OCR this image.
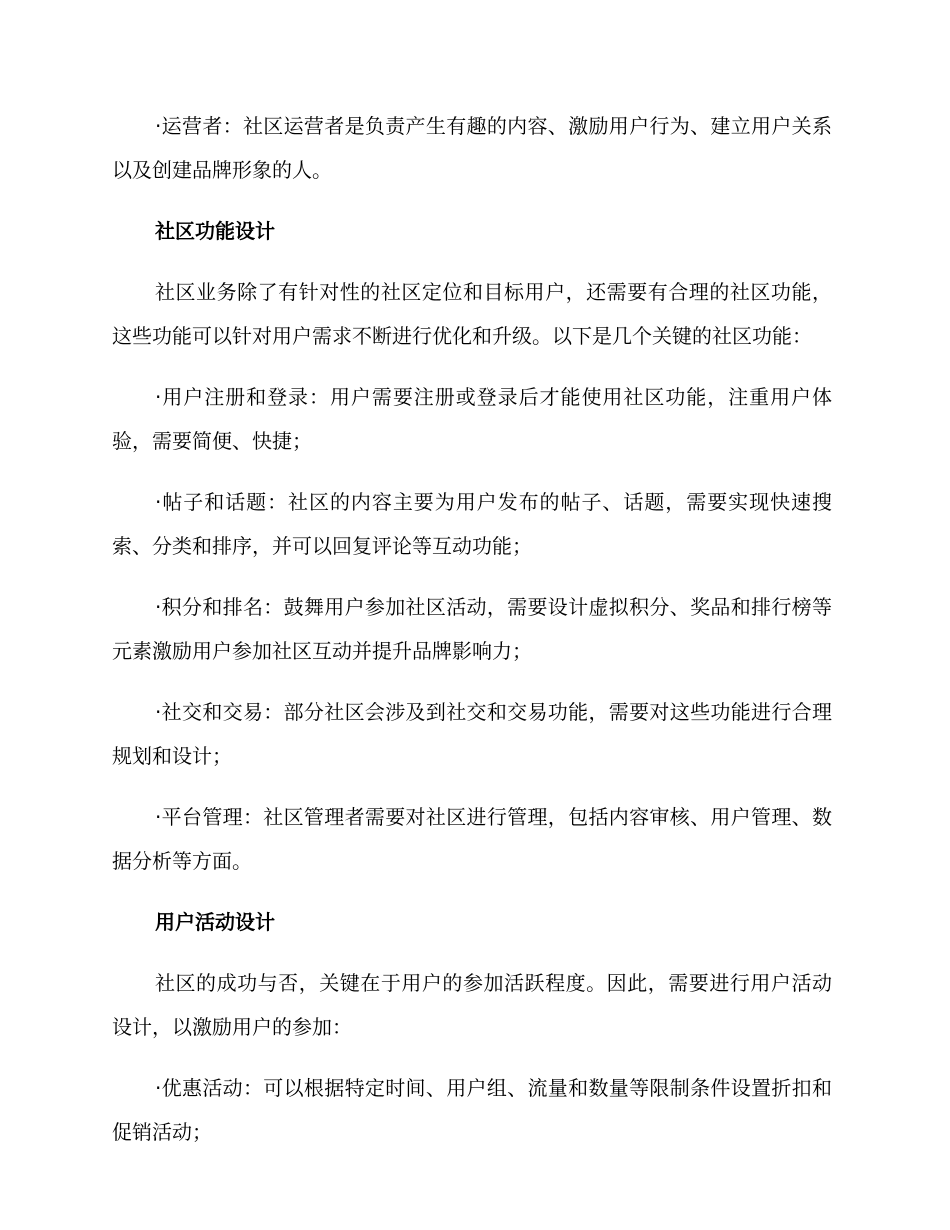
·运营者：社区运营者是负责产生有趣的内容、激励用户行为、建立用户关系以及创建品牌形象的人。

社区功能设计

社区业务除了有针对性的社区定位和目标用户，还需要有合理的社区功能，这些功能可以针对用户需求不断进行优化和升级。以下是几个关键的社区功能：

·用户注册和登录：用户需要注册或登录后才能使用社区功能，注重用户体验，需要简便、快捷；

·帖子和话题：社区的内容主要为用户发布的帖子、话题，需要实现快速搜索、分类和排序，并可以回复评论等互动功能；

·积分和排名：鼓舞用户参加社区活动，需要设计虚拟积分、奖品和排行榜等元素激励用户参加社区互动并提升品牌影响力；

·社交和交易：部分社区会涉及到社交和交易功能，需要对这些功能进行合理规划和设计；

·平台管理：社区管理者需要对社区进行管理，包括内容审核、用户管理、数据分析等方面。

用户活动设计

社区的成功与否，关键在于用户的参加活跃程度。因此，需要进行用户活动设计，以激励用户的参加：

·优惠活动：可以根据特定时间、用户组、流量和数量等限制条件设置折扣和促销活动；
